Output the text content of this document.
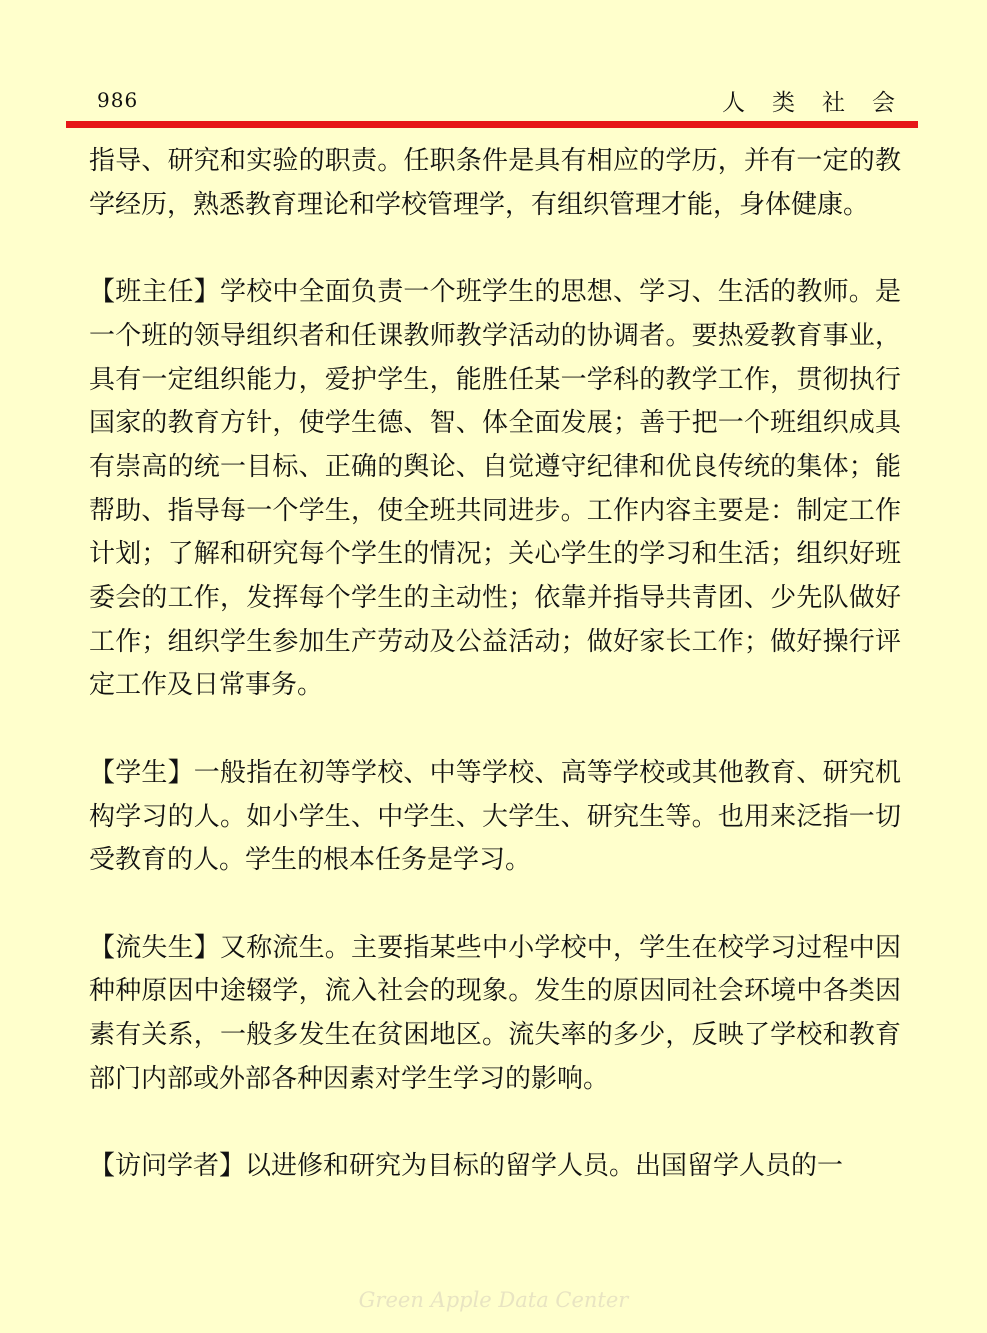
986	人类社会

指导、研究和实验的职责。任职条件是具有相应的学历，并有一定的教学经历，熟悉教育理论和学校管理学，有组织管理才能，身体健康。

【班主任】学校中全面负责一个班学生的思想、学习、生活的教师。是一个班的领导组织者和任课教师教学活动的协调者。要热爱教育事业，具有一定组织能力，爱护学生，能胜任某一学科的教学工作，贯彻执行国家的教育方针，使学生德、智、体全面发展；善于把一个班组织成具有崇高的统一目标、正确的舆论、自觉遵守纪律和优良传统的集体；能帮助、指导每一个学生，使全班共同进步。工作内容主要是：制定工作计划；了解和研究每个学生的情况；关心学生的学习和生活；组织好班委会的工作，发挥每个学生的主动性；依靠并指导共青团、少先队做好工作；组织学生参加生产劳动及公益活动；做好家长工作；做好操行评定工作及日常事务。

【学生】一般指在初等学校、中等学校、高等学校或其他教育、研究机构学习的人。如小学生、中学生、大学生、研究生等。也用来泛指一切受教育的人。学生的根本任务是学习。

【流失生】又称流生。主要指某些中小学校中，学生在校学习过程中因种种原因中途辍学，流入社会的现象。发生的原因同社会环境中各类因素有关系，一般多发生在贫困地区。流失率的多少，反映了学校和教育部门内部或外部各种因素对学生学习的影响。

【访问学者】以进修和研究为目标的留学人员。出国留学人员的一

Green Apple Data Center
